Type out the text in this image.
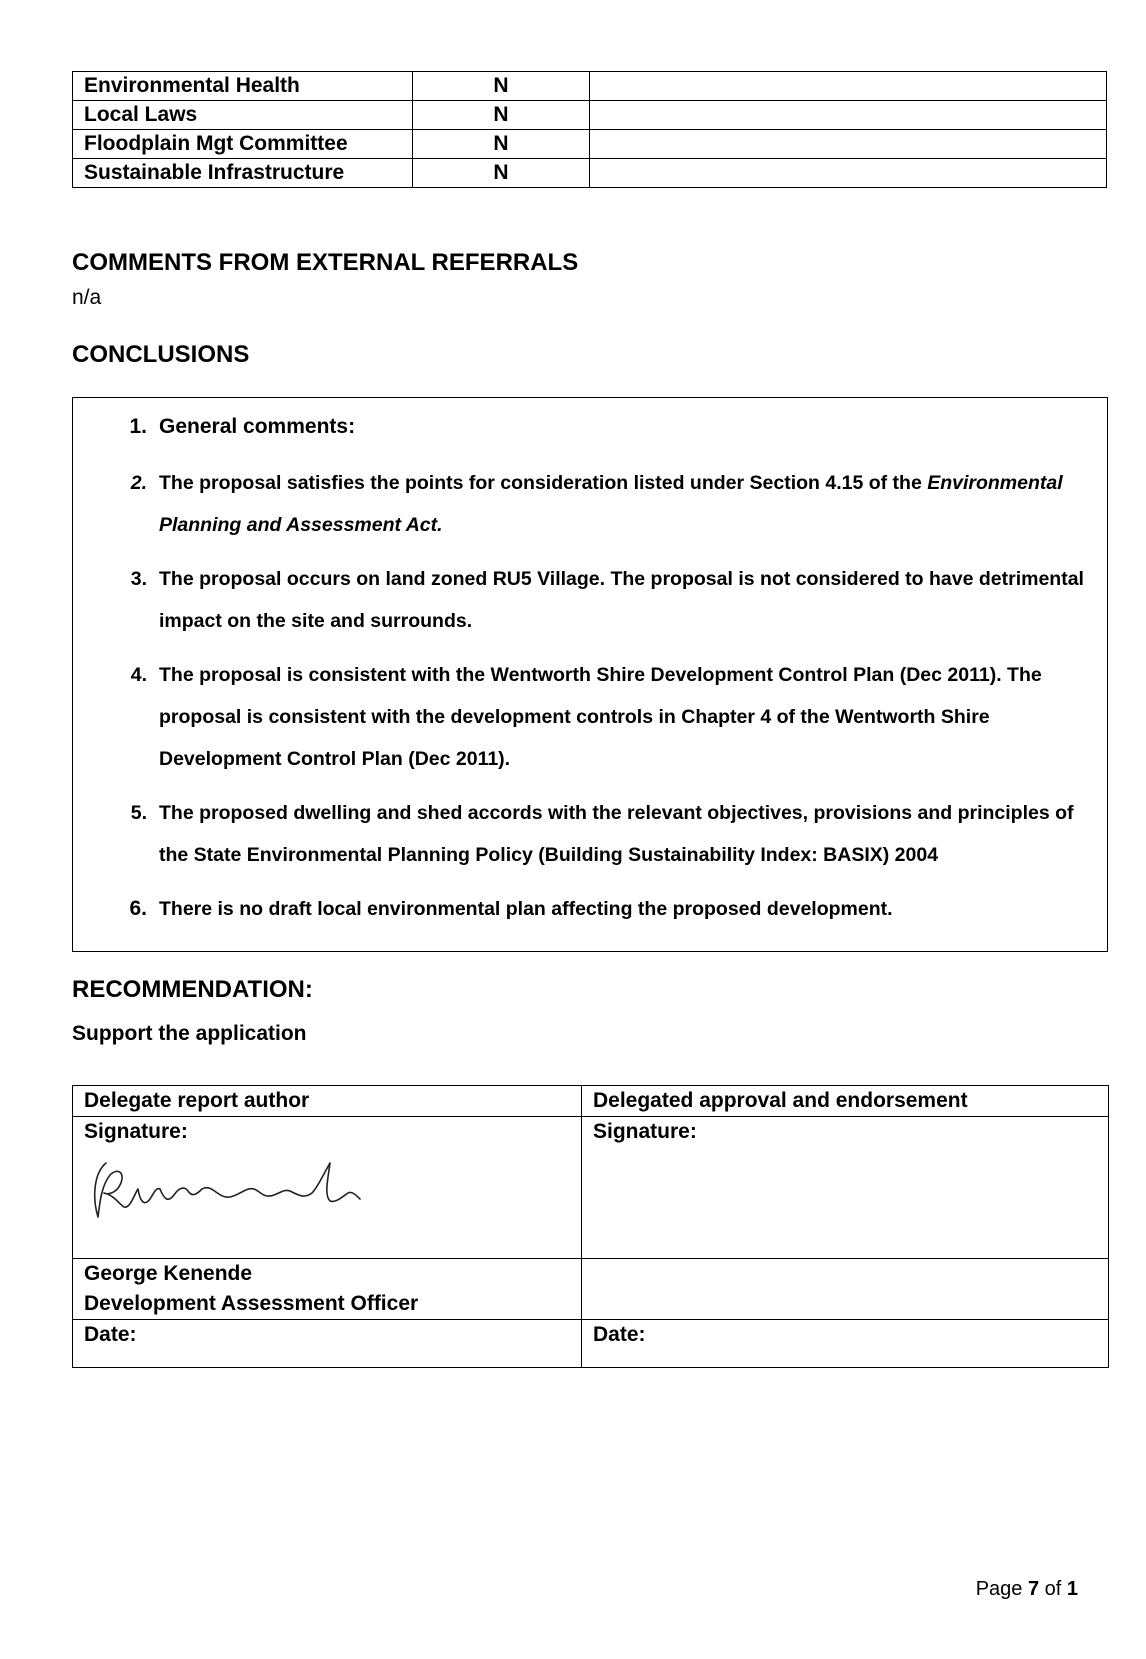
Environmental Health	N	
Local Laws	N	
Floodplain Mgt Committee	N	
Sustainable Infrastructure	N	
COMMENTS FROM EXTERNAL REFERRALS
n/a
CONCLUSIONS
1. General comments:
2. The proposal satisfies the points for consideration listed under Section 4.15 of the Environmental Planning and Assessment Act.
3. The proposal occurs on land zoned RU5 Village. The proposal is not considered to have detrimental impact on the site and surrounds.
4. The proposal is consistent with the Wentworth Shire Development Control Plan (Dec 2011). The proposal is consistent with the development controls in Chapter 4 of the Wentworth Shire Development Control Plan (Dec 2011).
5. The proposed dwelling and shed accords with the relevant objectives, provisions and principles of the State Environmental Planning Policy (Building Sustainability Index: BASIX) 2004
6. There is no draft local environmental plan affecting the proposed development.
RECOMMENDATION:
Support the application
Delegate report author	Delegated approval and endorsement

Signature:	Signature:

George Kenende
Development Assessment Officer	

Date:	Date:
Page 7 of 1
